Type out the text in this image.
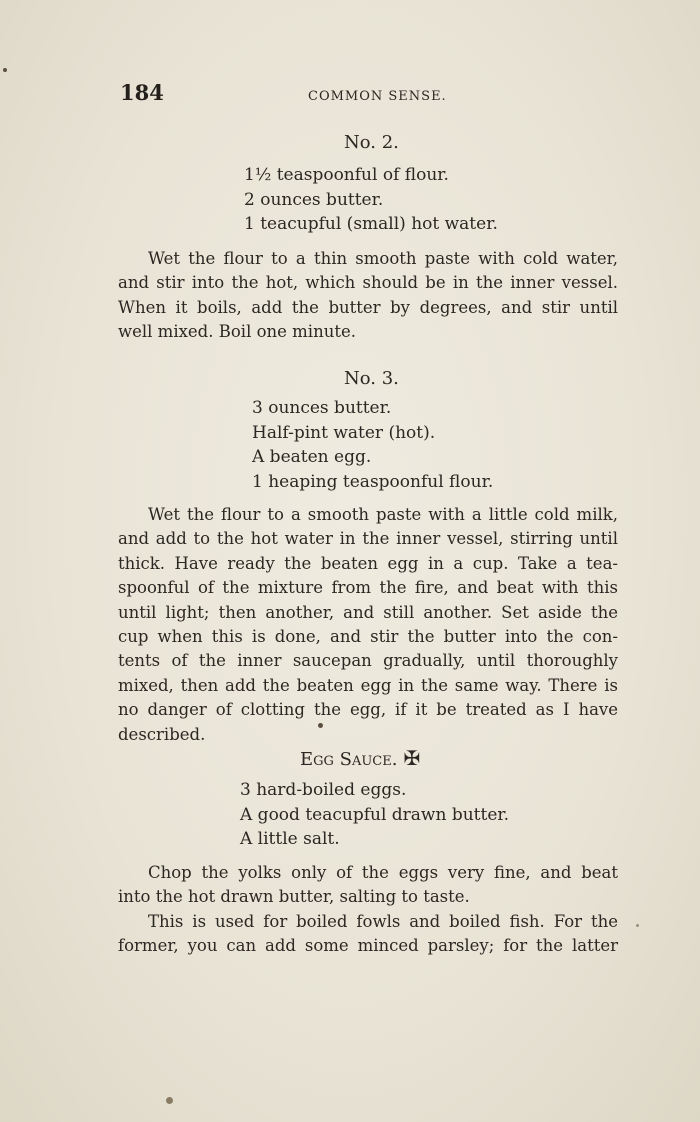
184	COMMON SENSE.
No. 2.
1½ teaspoonful of flour.
2 ounces butter.
1 teacupful (small) hot water.
Wet the flour to a thin smooth paste with cold water,
and stir into the hot, which should be in the inner vessel.
When it boils, add the butter by degrees, and stir until
well mixed. Boil one minute.
No. 3.
3 ounces butter.
Half-pint water (hot).
A beaten egg.
1 heaping teaspoonful flour.
Wet the flour to a smooth paste with a little cold milk,
and add to the hot water in the inner vessel, stirring until
thick. Have ready the beaten egg in a cup. Take a tea-
spoonful of the mixture from the fire, and beat with this
until light; then another, and still another. Set aside the
cup when this is done, and stir the butter into the con-
tents of the inner saucepan gradually, until thoroughly
mixed, then add the beaten egg in the same way. There is
no danger of clotting the egg, if it be treated as I have
described.
Egg Sauce. ✠
3 hard-boiled eggs.
A good teacupful drawn butter.
A little salt.
Chop the yolks only of the eggs very fine, and beat
into the hot drawn butter, salting to taste.
This is used for boiled fowls and boiled fish. For the
former, you can add some minced parsley; for the latter
